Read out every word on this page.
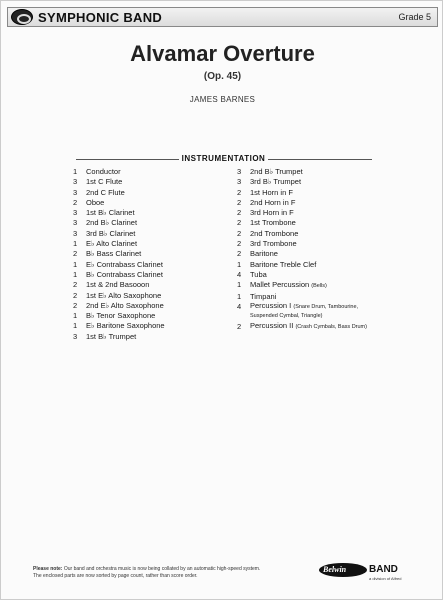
SYMPHONIC BAND	Grade 5
Alvamar Overture
(Op. 45)
JAMES BARNES
INSTRUMENTATION
1	Conductor
3	1st C Flute
3	2nd C Flute
2	Oboe
3	1st B♭ Clarinet
3	2nd B♭ Clarinet
3	3rd B♭ Clarinet
1	E♭ Alto Clarinet
2	B♭ Bass Clarinet
1	E♭ Contrabass Clarinet
1	B♭ Contrabass Clarinet
2	1st & 2nd Basooon
2	1st E♭ Alto Saxophone
2	2nd E♭ Alto Saxophone
1	B♭ Tenor Saxophone
1	E♭ Baritone Saxophone
3	1st B♭ Trumpet
3	2nd B♭ Trumpet
3	3rd B♭ Trumpet
2	1st Horn in F
2	2nd Horn in F
2	3rd Horn in F
2	1st Trombone
2	2nd Trombone
2	3rd Trombone
2	Baritone
1	Baritone Treble Clef
4	Tuba
1	Mallet Percussion (Bells)
1	Timpani
4	Percussion I (Snare Drum, Tambourine, Suspended Cymbal, Triangle)
2	Percussion II (Crash Cymbals, Bass Drum)
Please note: Our band and orchestra music is now being collated by an automatic high-speed system. The enclosed parts are now sorted by page count, rather than score order.
Belwin BAND
a division of Alfred
